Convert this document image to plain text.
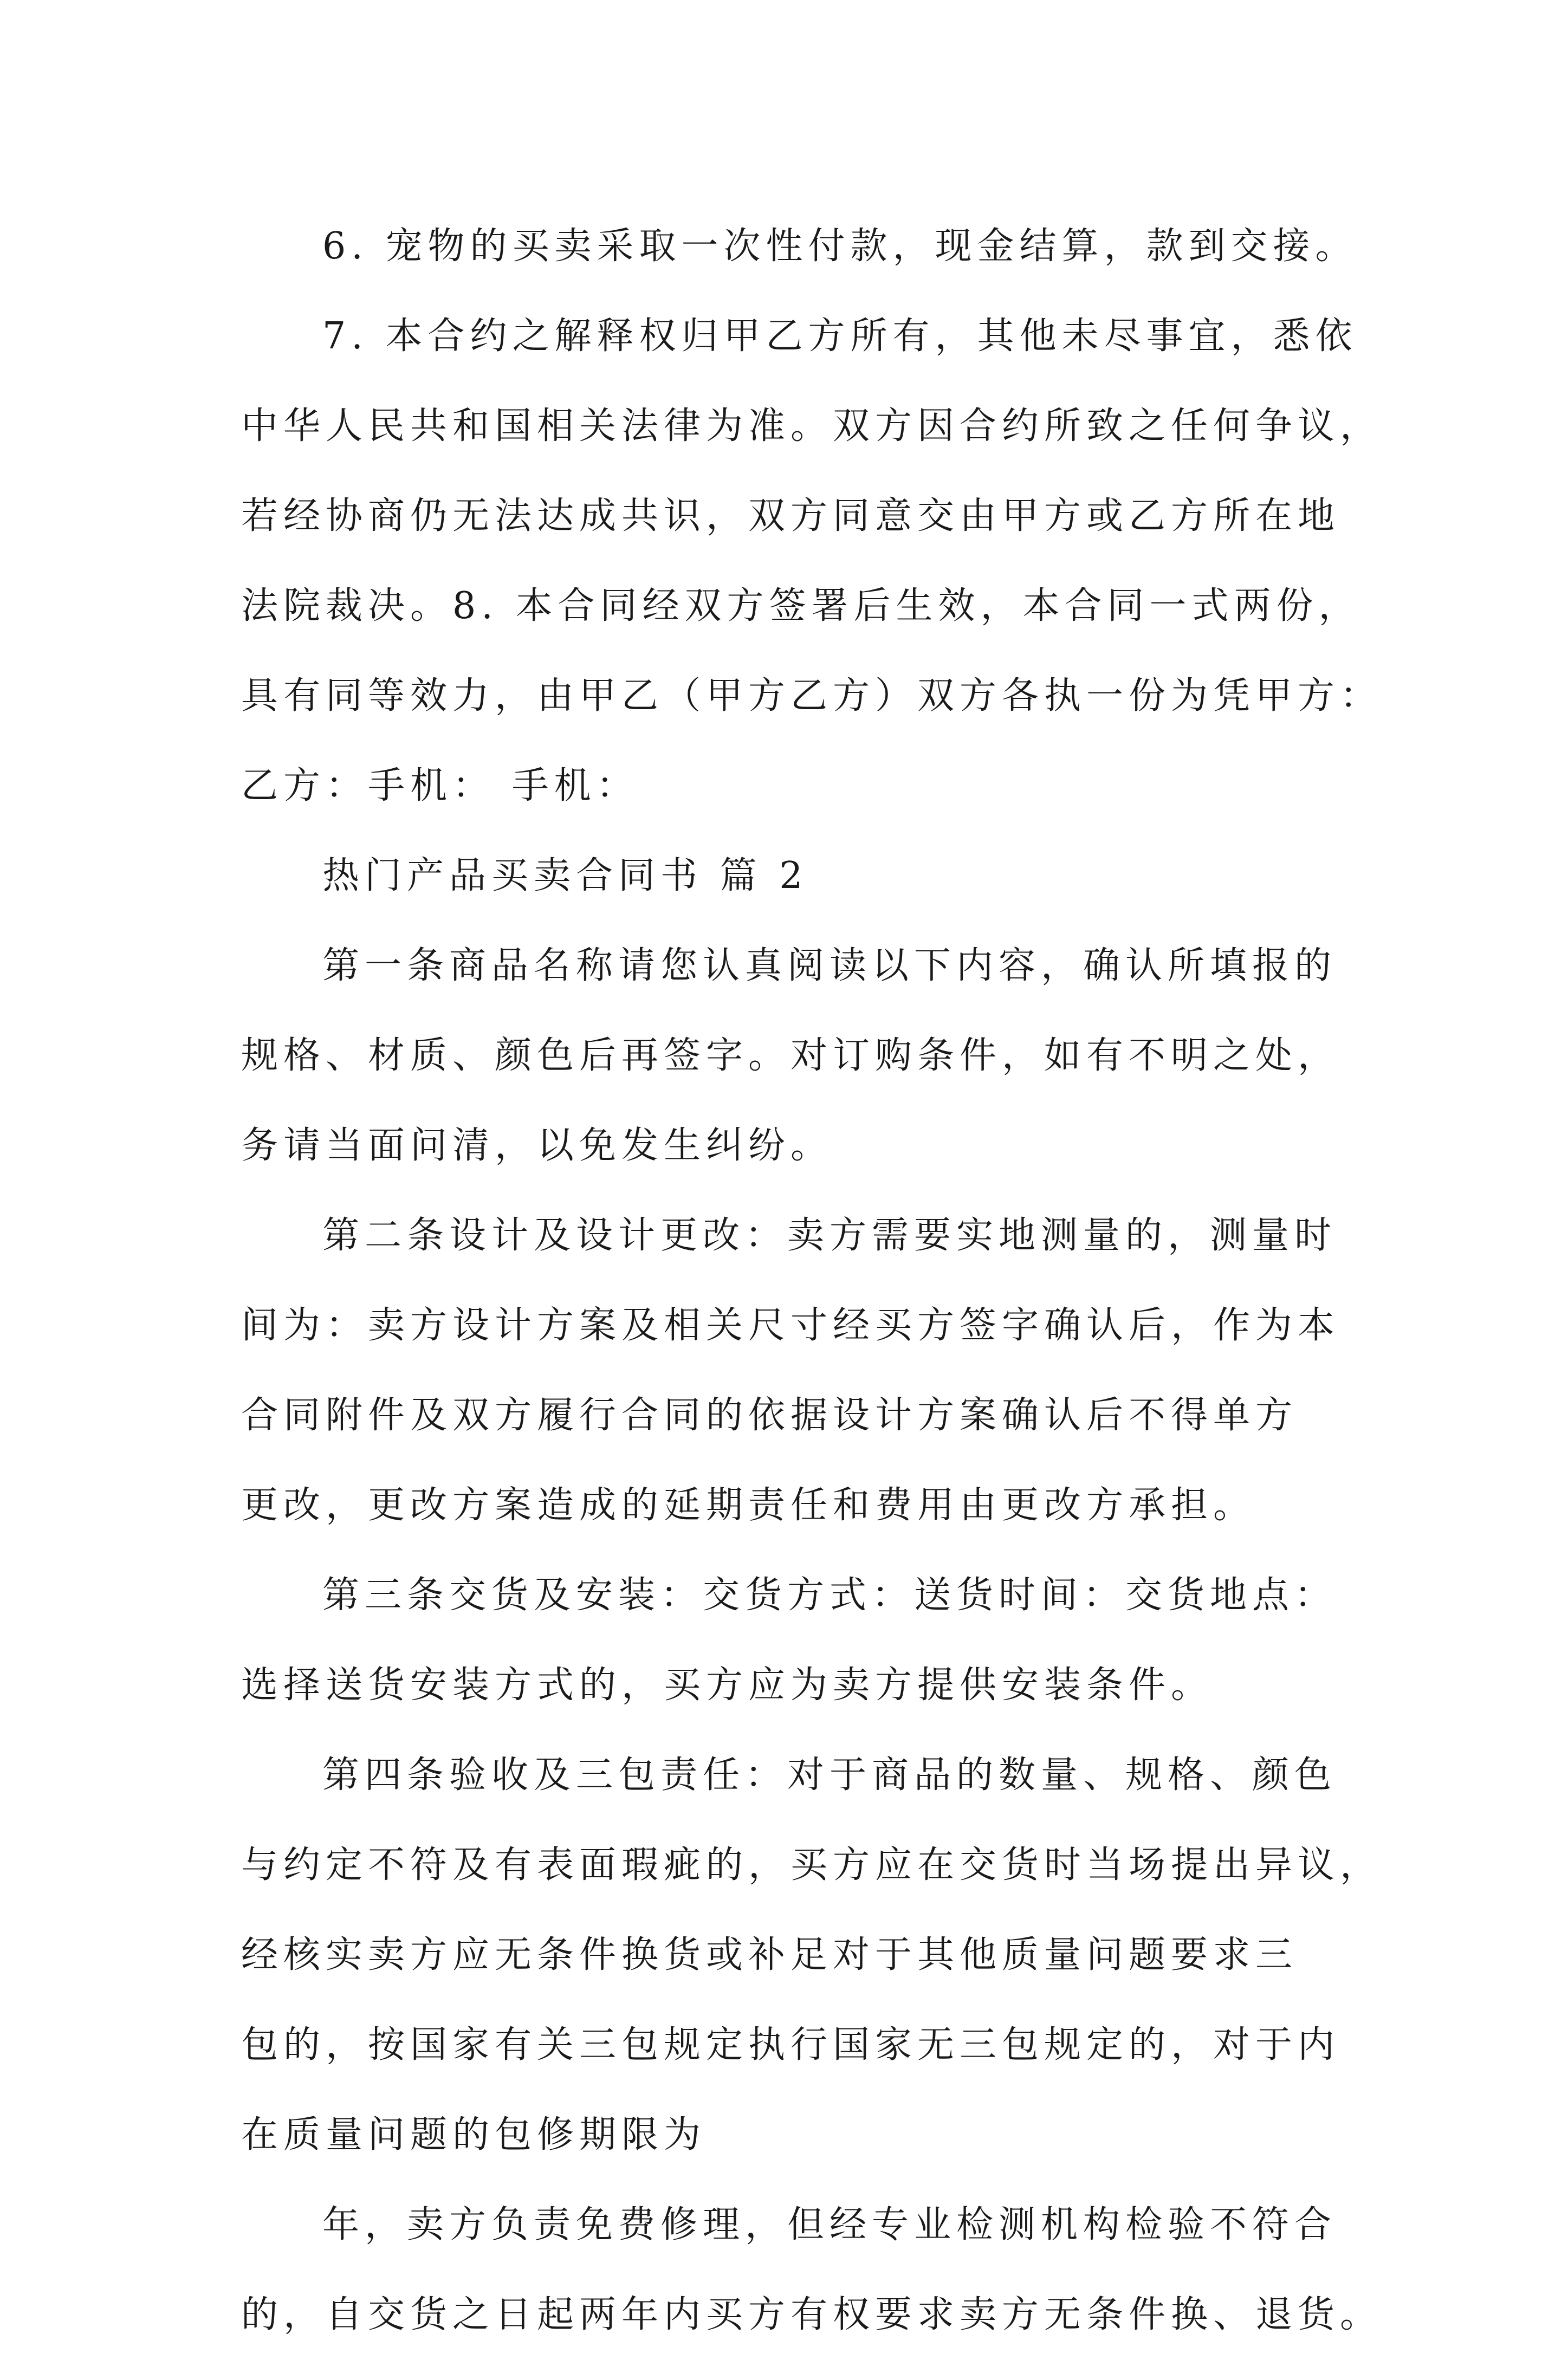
6. 宠物的买卖采取一次性付款，现金结算，款到交接。
7. 本合约之解释权归甲乙方所有，其他未尽事宜，悉依
中华人民共和国相关法律为准。双方因合约所致之任何争议，
若经协商仍无法达成共识，双方同意交由甲方或乙方所在地
法院裁决。8. 本合同经双方签署后生效，本合同一式两份，
具有同等效力，由甲乙（甲方乙方）双方各执一份为凭甲方：
乙方：手机： 手机：
热门产品买卖合同书 篇 2
第一条商品名称请您认真阅读以下内容，确认所填报的
规格、材质、颜色后再签字。对订购条件，如有不明之处，
务请当面问清，以免发生纠纷。
第二条设计及设计更改：卖方需要实地测量的，测量时
间为：卖方设计方案及相关尺寸经买方签字确认后，作为本
合同附件及双方履行合同的依据设计方案确认后不得单方
更改，更改方案造成的延期责任和费用由更改方承担。
第三条交货及安装：交货方式：送货时间：交货地点：
选择送货安装方式的，买方应为卖方提供安装条件。
第四条验收及三包责任：对于商品的数量、规格、颜色
与约定不符及有表面瑕疵的，买方应在交货时当场提出异议，
经核实卖方应无条件换货或补足对于其他质量问题要求三
包的，按国家有关三包规定执行国家无三包规定的，对于内
在质量问题的包修期限为
年，卖方负责免费修理，但经专业检测机构检验不符合
的，自交货之日起两年内买方有权要求卖方无条件换、退货。
